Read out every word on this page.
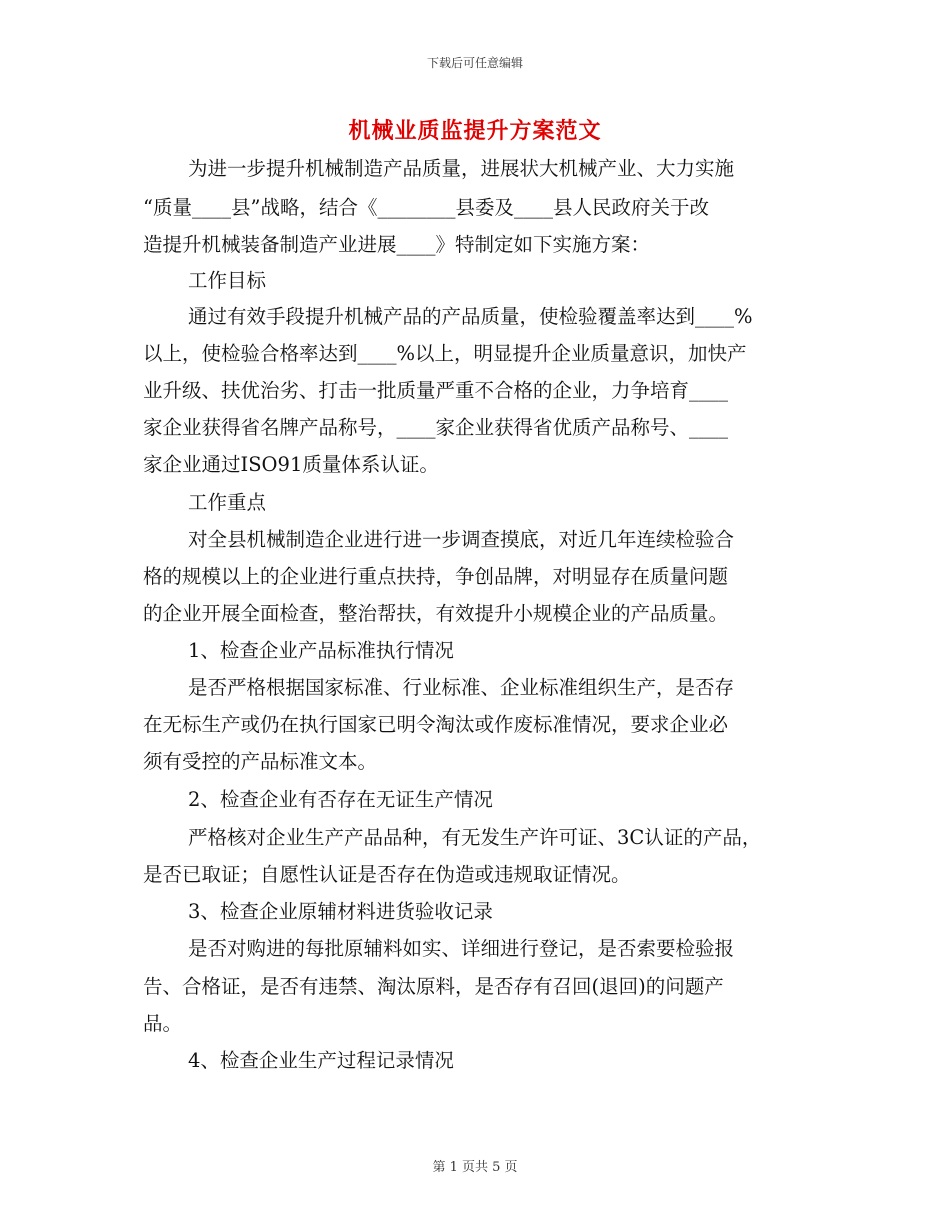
下载后可任意编辑
机械业质监提升方案范文
为进一步提升机械制造产品质量，进展状大机械产业、大力实施
“质量____县”战略，结合《________县委及____县人民政府关于改
造提升机械装备制造产业进展____》特制定如下实施方案：
工作目标
通过有效手段提升机械产品的产品质量，使检验覆盖率达到____%
以上，使检验合格率达到____%以上，明显提升企业质量意识，加快产
业升级、扶优治劣、打击一批质量严重不合格的企业，力争培育____
家企业获得省名牌产品称号，____家企业获得省优质产品称号、____
家企业通过ISO91质量体系认证。
工作重点
对全县机械制造企业进行进一步调查摸底，对近几年连续检验合
格的规模以上的企业进行重点扶持，争创品牌，对明显存在质量问题
的企业开展全面检查，整治帮扶，有效提升小规模企业的产品质量。
1、检查企业产品标准执行情况
是否严格根据国家标准、行业标准、企业标准组织生产，是否存
在无标生产或仍在执行国家已明令淘汰或作废标准情况，要求企业必
须有受控的产品标准文本。
2、检查企业有否存在无证生产情况
严格核对企业生产产品品种，有无发生产许可证、3C认证的产品，
是否已取证；自愿性认证是否存在伪造或违规取证情况。
3、检查企业原辅材料进货验收记录
是否对购进的每批原辅料如实、详细进行登记，是否索要检验报
告、合格证，是否有违禁、淘汰原料，是否存有召回(退回)的问题产
品。
4、检查企业生产过程记录情况
第 1 页共 5 页
